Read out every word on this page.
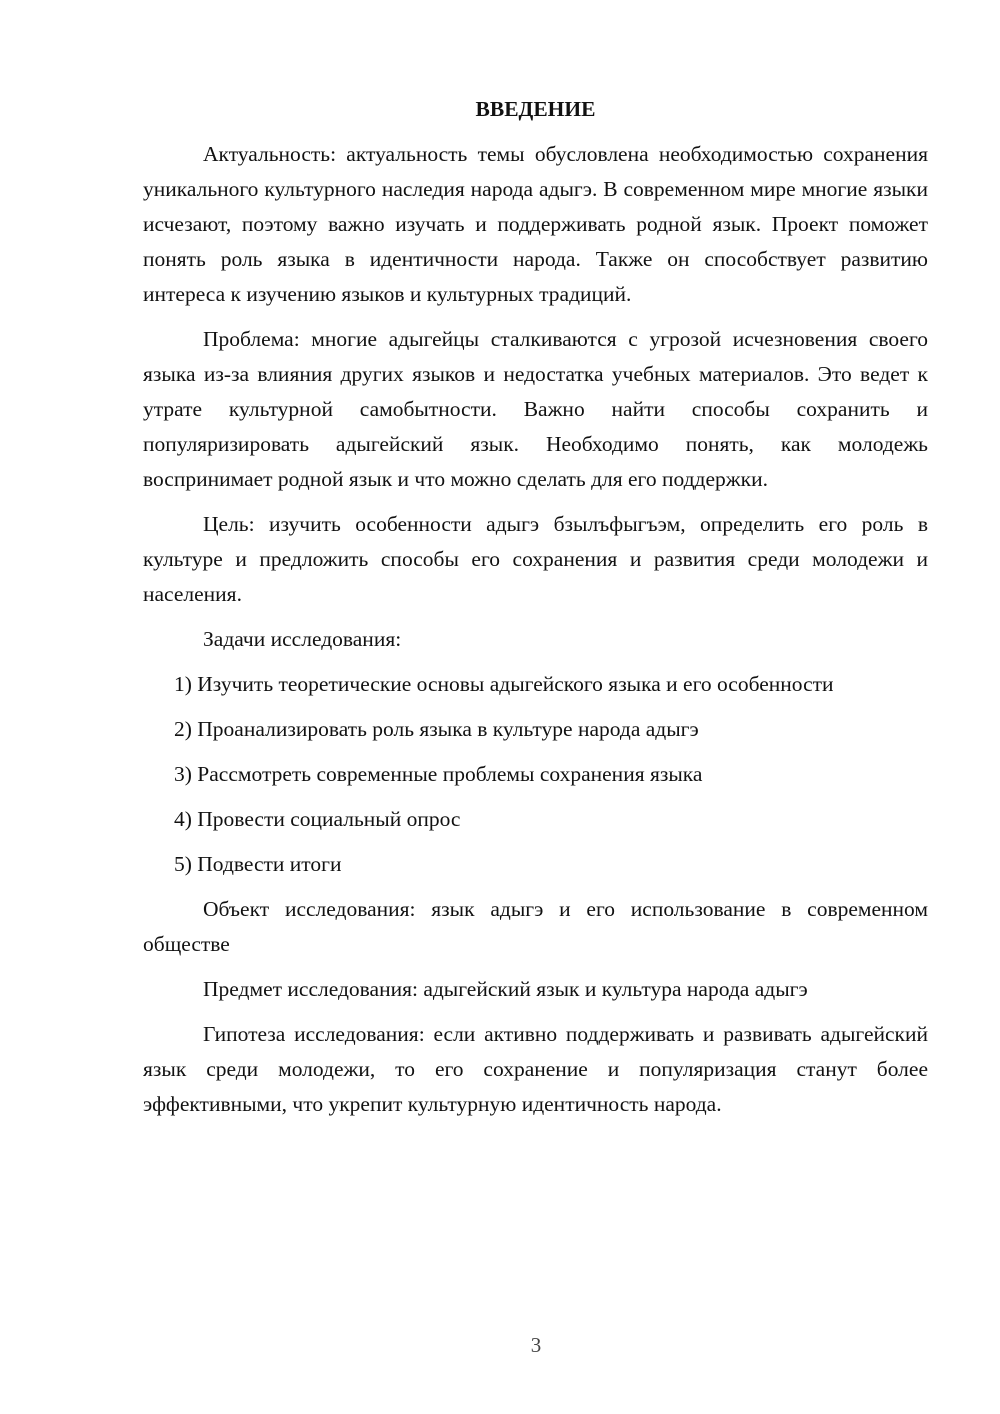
ВВЕДЕНИЕ

Актуальность: актуальность темы обусловлена необходимостью сохранения уникального культурного наследия народа адыгэ. В современном мире многие языки исчезают, поэтому важно изучать и поддерживать родной язык. Проект поможет понять роль языка в идентичности народа. Также он способствует развитию интереса к изучению языков и культурных традиций.

Проблема: многие адыгейцы сталкиваются с угрозой исчезновения своего языка из-за влияния других языков и недостатка учебных материалов. Это ведет к утрате культурной самобытности. Важно найти способы сохранить и популяризировать адыгейский язык. Необходимо понять, как молодежь воспринимает родной язык и что можно сделать для его поддержки.

Цель: изучить особенности адыгэ бзылъфыгъэм, определить его роль в культуре и предложить способы его сохранения и развития среди молодежи и населения.

Задачи исследования:

1) Изучить теоретические основы адыгейского языка и его особенности

2) Проанализировать роль языка в культуре народа адыгэ

3) Рассмотреть современные проблемы сохранения языка

4) Провести социальный опрос

5) Подвести итоги

Объект исследования: язык адыгэ и его использование в современном обществе

Предмет исследования: адыгейский язык и культура народа адыгэ

Гипотеза исследования: если активно поддерживать и развивать адыгейский язык среди молодежи, то его сохранение и популяризация станут более эффективными, что укрепит культурную идентичность народа.

3
